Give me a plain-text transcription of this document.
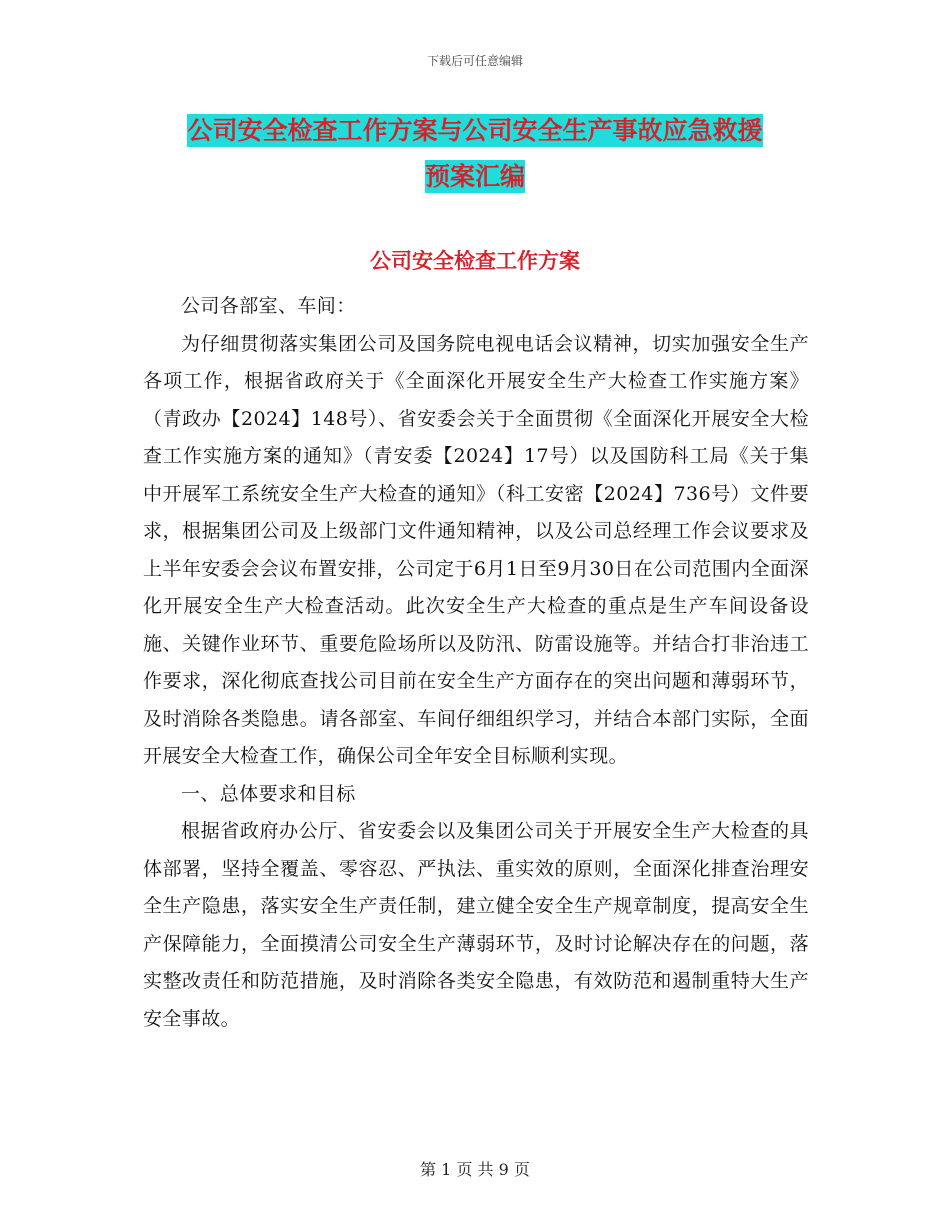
下载后可任意编辑
公司安全检查工作方案与公司安全生产事故应急救援
预案汇编
公司安全检查工作方案

公司各部室、车间：

为仔细贯彻落实集团公司及国务院电视电话会议精神，切实加强安全生产各项工作，根据省政府关于《全面深化开展安全生产大检查工作实施方案》（青政办【2024】148号）、省安委会关于全面贯彻《全面深化开展安全大检查工作实施方案的通知》（青安委【2024】17号）以及国防科工局《关于集中开展军工系统安全生产大检查的通知》（科工安密【2024】736号）文件要求，根据集团公司及上级部门文件通知精神，以及公司总经理工作会议要求及上半年安委会会议布置安排，公司定于6月1日至9月30日在公司范围内全面深化开展安全生产大检查活动。此次安全生产大检查的重点是生产车间设备设施、关键作业环节、重要危险场所以及防汛、防雷设施等。并结合打非治违工作要求，深化彻底查找公司目前在安全生产方面存在的突出问题和薄弱环节，及时消除各类隐患。请各部室、车间仔细组织学习，并结合本部门实际，全面开展安全大检查工作，确保公司全年安全目标顺利实现。

一、总体要求和目标

根据省政府办公厅、省安委会以及集团公司关于开展安全生产大检查的具体部署，坚持全覆盖、零容忍、严执法、重实效的原则，全面深化排查治理安全生产隐患，落实安全生产责任制，建立健全安全生产规章制度，提高安全生产保障能力，全面摸清公司安全生产薄弱环节，及时讨论解决存在的问题，落实整改责任和防范措施，及时消除各类安全隐患，有效防范和遏制重特大生产安全事故。

第 1 页 共 9 页
